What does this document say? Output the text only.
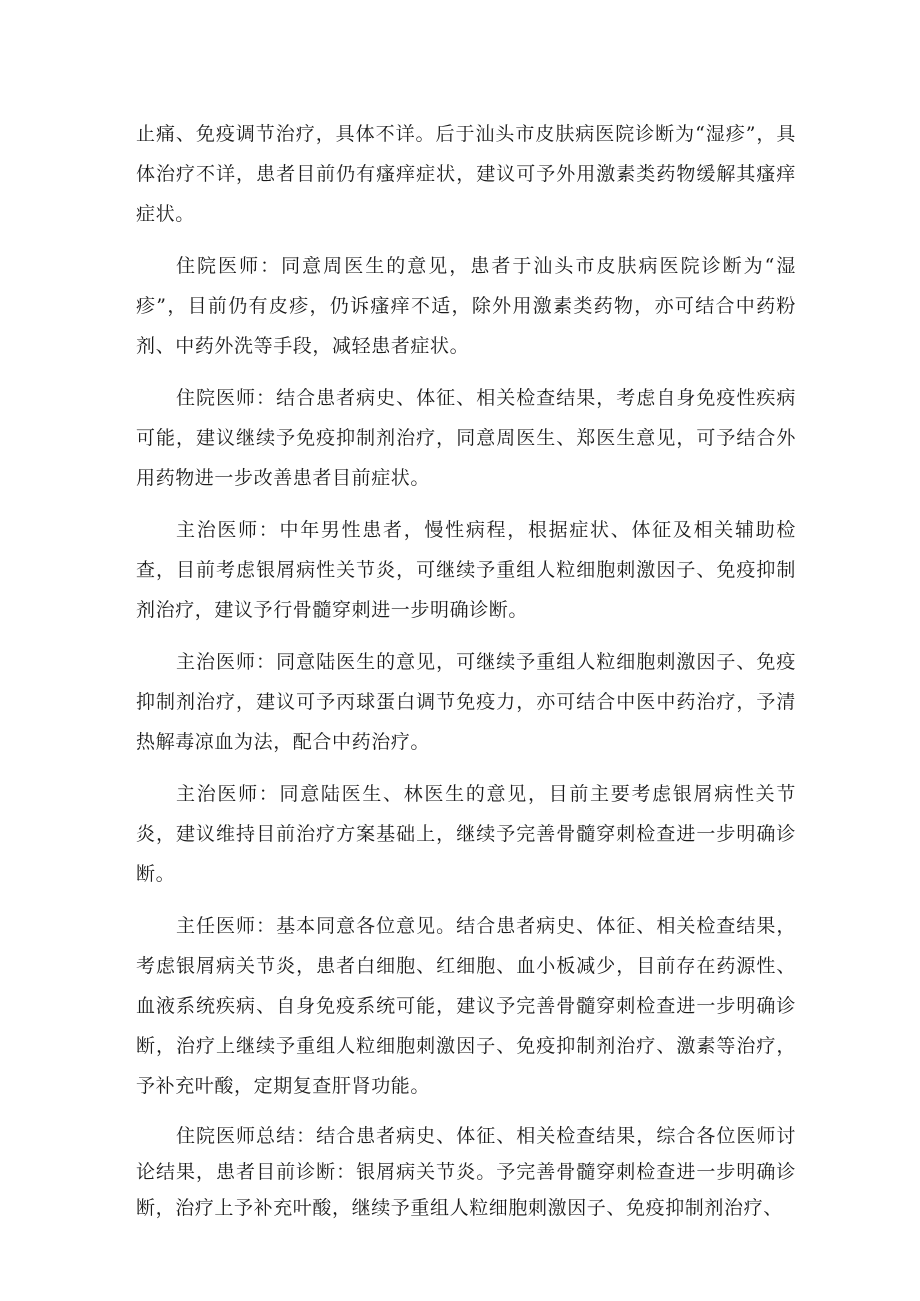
止痛、免疫调节治疗，具体不详。后于汕头市皮肤病医院诊断为“湿疹”，具体治疗不详，患者目前仍有瘙痒症状，建议可予外用激素类药物缓解其瘙痒症状。

住院医师：同意周医生的意见，患者于汕头市皮肤病医院诊断为“湿疹”，目前仍有皮疹，仍诉瘙痒不适，除外用激素类药物，亦可结合中药粉剂、中药外洗等手段，减轻患者症状。

住院医师：结合患者病史、体征、相关检查结果，考虑自身免疫性疾病可能，建议继续予免疫抑制剂治疗，同意周医生、郑医生意见，可予结合外用药物进一步改善患者目前症状。

主治医师：中年男性患者，慢性病程，根据症状、体征及相关辅助检查，目前考虑银屑病性关节炎，可继续予重组人粒细胞刺激因子、免疫抑制剂治疗，建议予行骨髓穿刺进一步明确诊断。

主治医师：同意陆医生的意见，可继续予重组人粒细胞刺激因子、免疫抑制剂治疗，建议可予丙球蛋白调节免疫力，亦可结合中医中药治疗，予清热解毒凉血为法，配合中药治疗。

主治医师：同意陆医生、林医生的意见，目前主要考虑银屑病性关节炎，建议维持目前治疗方案基础上，继续予完善骨髓穿刺检查进一步明确诊断。

主任医师：基本同意各位意见。结合患者病史、体征、相关检查结果，考虑银屑病关节炎，患者白细胞、红细胞、血小板减少，目前存在药源性、血液系统疾病、自身免疫系统可能，建议予完善骨髓穿刺检查进一步明确诊断，治疗上继续予重组人粒细胞刺激因子、免疫抑制剂治疗、激素等治疗，予补充叶酸，定期复查肝肾功能。

住院医师总结：结合患者病史、体征、相关检查结果，综合各位医师讨论结果，患者目前诊断：银屑病关节炎。予完善骨髓穿刺检查进一步明确诊断，治疗上予补充叶酸，继续予重组人粒细胞刺激因子、免疫抑制剂治疗、
